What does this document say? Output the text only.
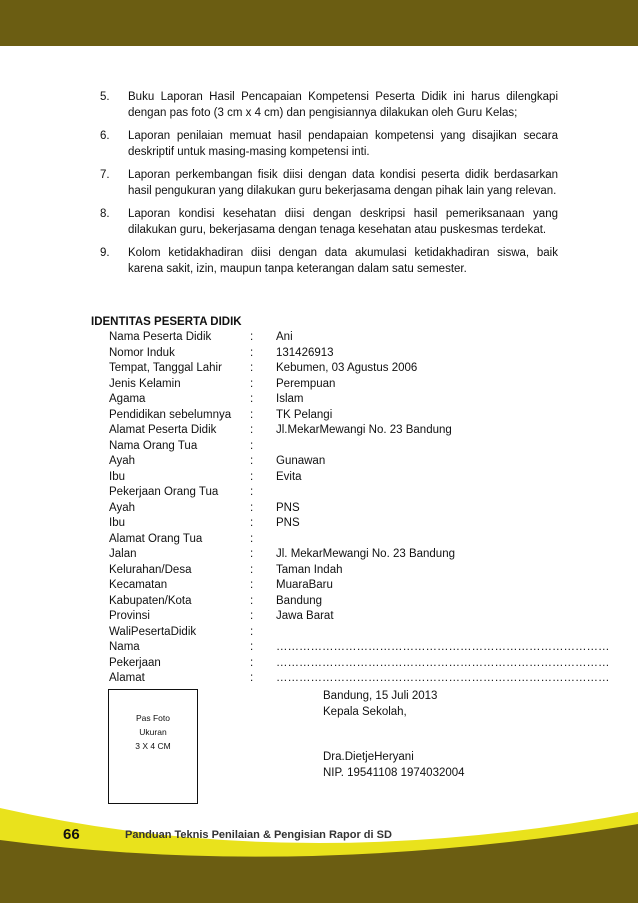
5.	Buku Laporan Hasil Pencapaian Kompetensi Peserta Didik ini harus dilengkapi dengan pas foto (3 cm x 4 cm) dan pengisiannya dilakukan oleh Guru Kelas;
6.	Laporan penilaian memuat hasil pendapaian kompetensi yang disajikan secara deskriptif untuk masing-masing kompetensi inti.
7.	Laporan perkembangan fisik diisi dengan data kondisi peserta didik berdasarkan hasil pengukuran yang dilakukan guru bekerjasama dengan pihak lain yang relevan.
8.	Laporan kondisi kesehatan diisi dengan deskripsi hasil pemeriksanaan yang dilakukan guru, bekerjasama dengan tenaga kesehatan atau puskesmas terdekat.
9.	Kolom ketidakhadiran diisi dengan data akumulasi ketidakhadiran siswa, baik karena sakit, izin, maupun tanpa keterangan dalam satu semester.
IDENTITAS PESERTA DIDIK
Nama Peserta Didik	:	Ani
Nomor Induk	:	131426913
Tempat, Tanggal Lahir	:	Kebumen, 03 Agustus 2006
Jenis Kelamin	:	Perempuan
Agama	:	Islam
Pendidikan sebelumnya	:	TK Pelangi
Alamat Peserta Didik	:	Jl.MekarMewangi No. 23 Bandung
Nama Orang Tua	:
Ayah	:	Gunawan
Ibu	:	Evita
Pekerjaan Orang Tua	:
Ayah	:	PNS
Ibu	:	PNS
Alamat Orang Tua	:
Jalan	:	Jl. MekarMewangi No. 23 Bandung
Kelurahan/Desa	:	Taman Indah
Kecamatan	:	MuaraBaru
Kabupaten/Kota	:	Bandung
Provinsi	:	Jawa Barat
WaliPesertaDidik	:
Nama	:	……………………………………………………………………………
Pekerjaan	:	……………………………………………………………………………
Alamat	:	……………………………………………………………………………
Pas Foto
Ukuran
3 X 4 CM
Bandung, 15 Juli 2013
Kepala Sekolah,
Dra.DietjeHeryani
NIP. 19541108 1974032004
66	Panduan Teknis Penilaian & Pengisian Rapor di SD
